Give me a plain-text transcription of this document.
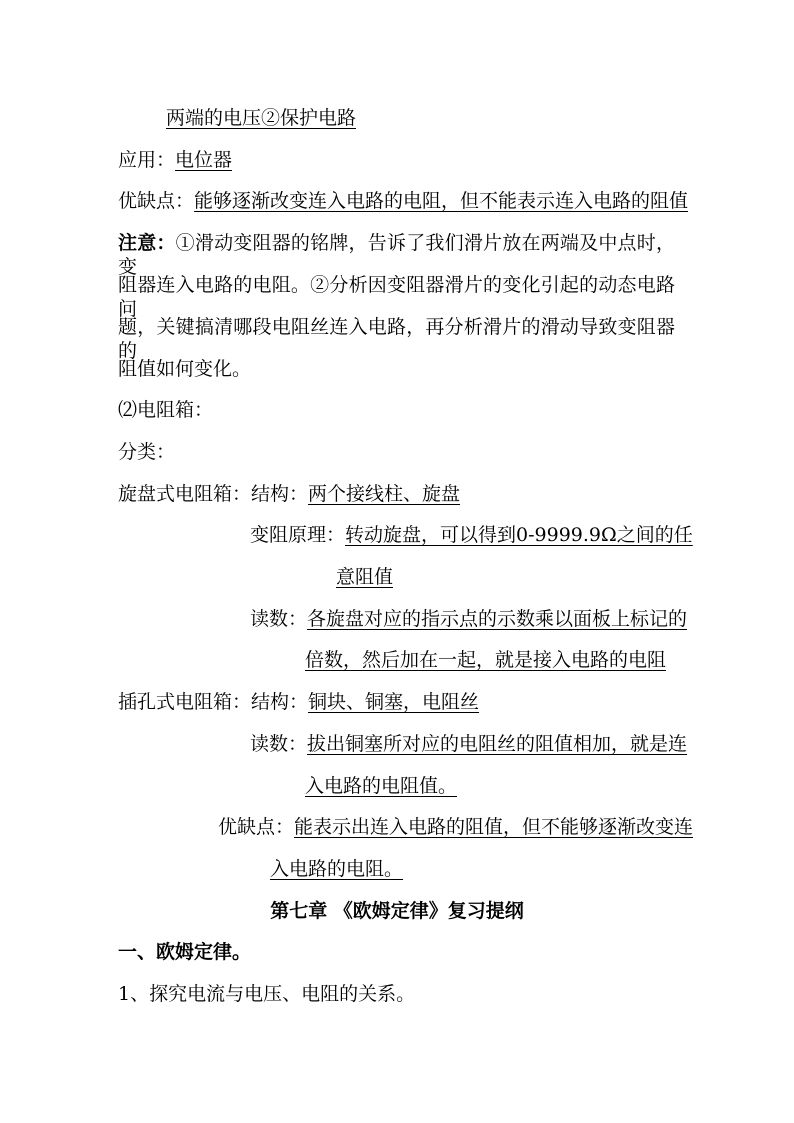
两端的电压②保护电路
应用：电位器
优缺点：能够逐渐改变连入电路的电阻，但不能表示连入电路的阻值
注意：①滑动变阻器的铭牌，告诉了我们滑片放在两端及中点时，变
阻器连入电路的电阻。②分析因变阻器滑片的变化引起的动态电路问
题，关键搞清哪段电阻丝连入电路，再分析滑片的滑动导致变阻器的
阻值如何变化。
⑵电阻箱：
分类：
旋盘式电阻箱：结构：两个接线柱、旋盘
变阻原理：转动旋盘，可以得到0-9999.9Ω之间的任
意阻值
读数：各旋盘对应的指示点的示数乘以面板上标记的
倍数，然后加在一起，就是接入电路的电阻
插孔式电阻箱：结构：铜块、铜塞，电阻丝
读数：拔出铜塞所对应的电阻丝的阻值相加，就是连
入电路的电阻值。
优缺点：能表示出连入电路的阻值，但不能够逐渐改变连
入电路的电阻。
第七章 《欧姆定律》复习提纲
一、欧姆定律。
1、探究电流与电压、电阻的关系。
